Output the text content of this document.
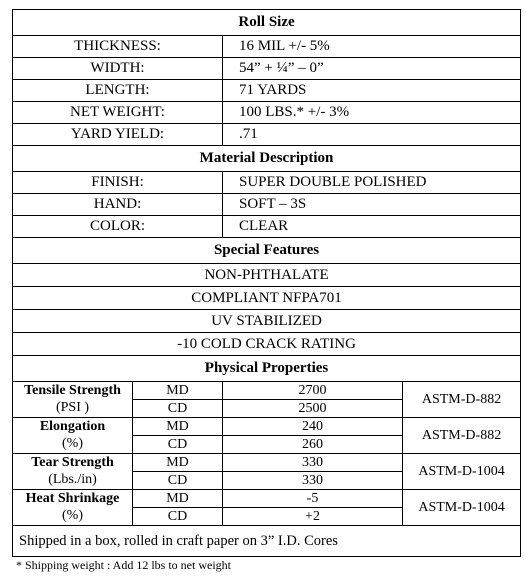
Roll Size			
THICKNESS:		16 MIL +/- 5%	
WIDTH:		54” + ¼” – 0”	
LENGTH:		71 YARDS	
NET WEIGHT:		100 LBS.* +/- 3%	
YARD YIELD:		.71	
Material Description			
FINISH:		SUPER DOUBLE POLISHED	
HAND:		SOFT – 3S	
COLOR:		CLEAR	
Special Features			
NON-PHTHALATE			
COMPLIANT NFPA701			
UV STABILIZED			
-10 COLD CRACK RATING			
Physical Properties			
Tensile Strength	MD	2700	ASTM-D-882
(PSI )	CD	2500	
Elongation	MD	240	ASTM-D-882
(%)	CD	260	
Tear Strength	MD	330	ASTM-D-1004
(Lbs./in)	CD	330	
Heat Shrinkage	MD	-5	ASTM-D-1004
(%)	CD	+2	
Shipped in a box, rolled in craft paper on 3” I.D. Cores			
* Shipping weight : Add 12 lbs to net weight
